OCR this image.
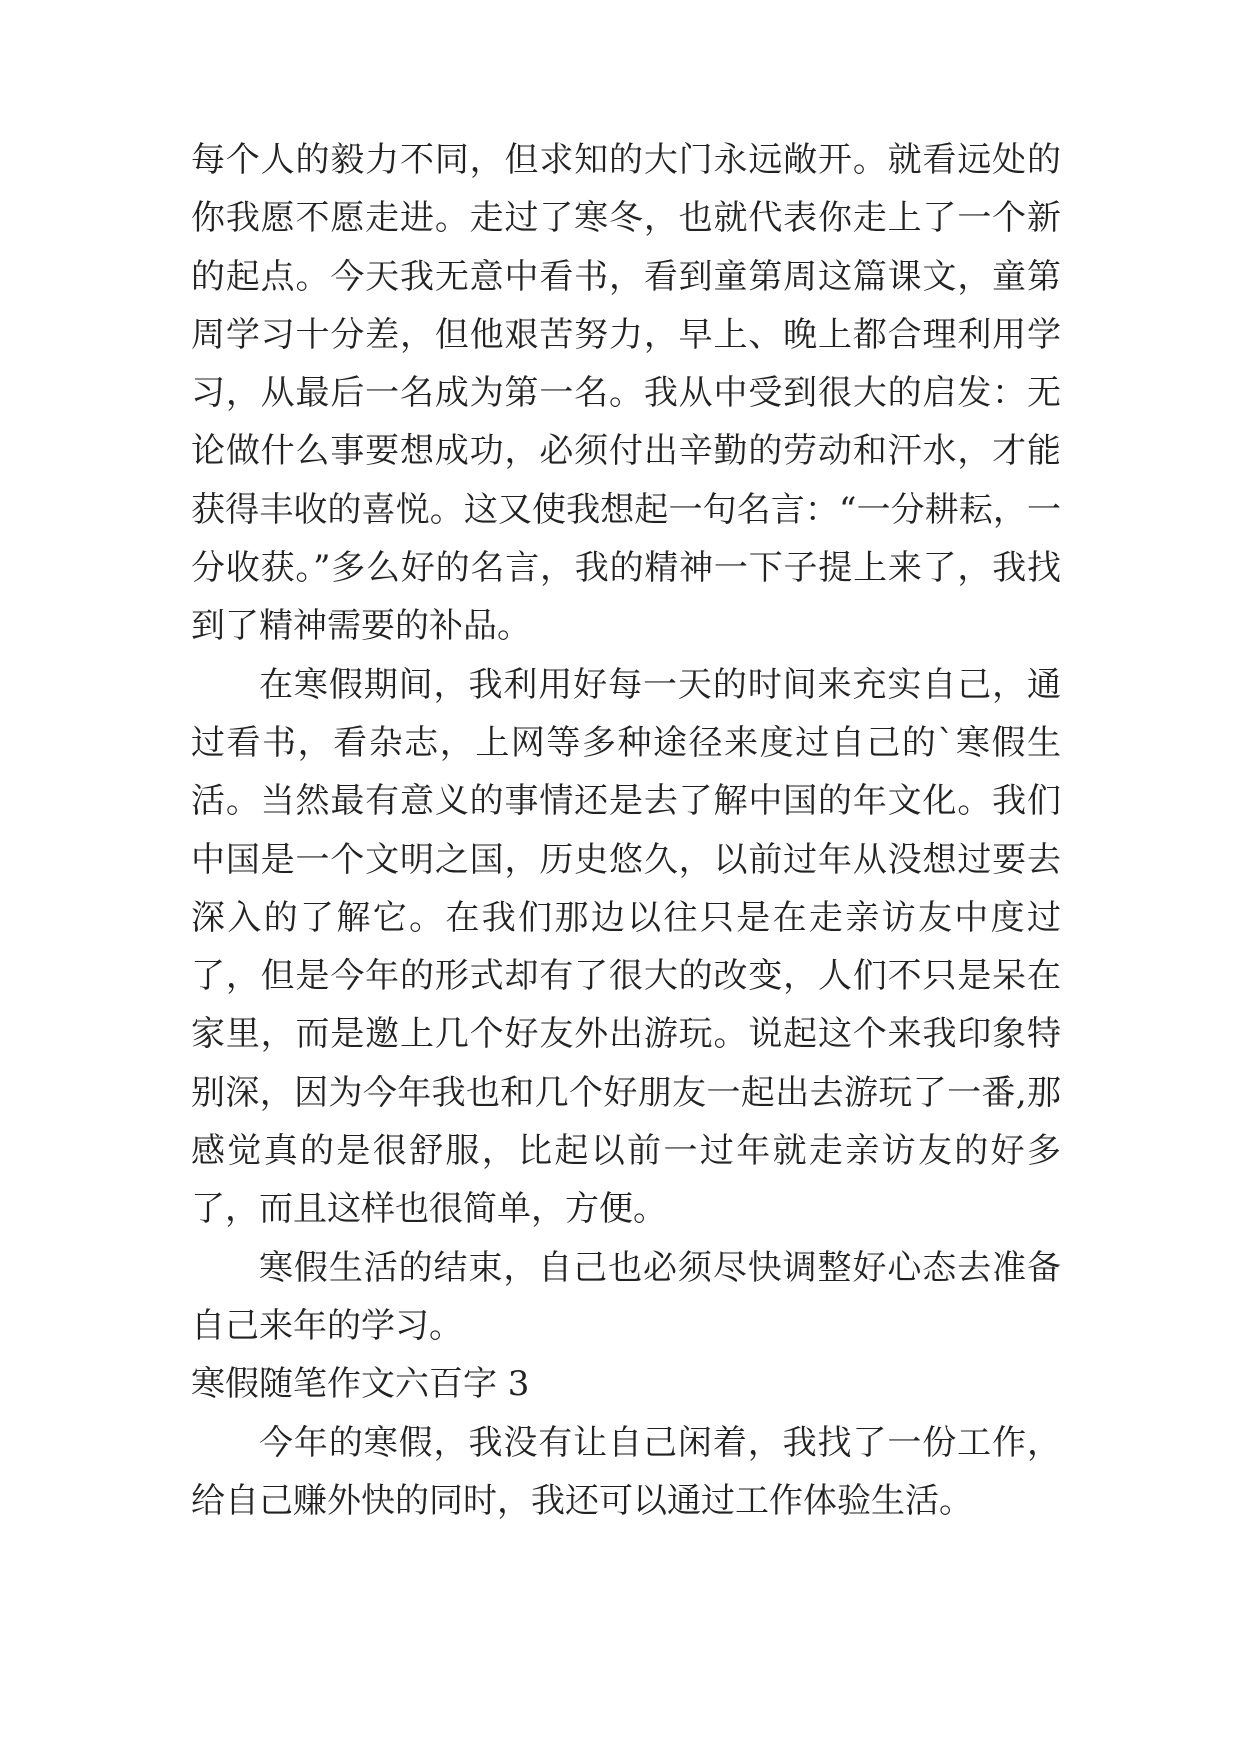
每个人的毅力不同，但求知的大门永远敞开。就看远处的你我愿不愿走进。走过了寒冬，也就代表你走上了一个新的起点。今天我无意中看书，看到童第周这篇课文，童第周学习十分差，但他艰苦努力，早上、晚上都合理利用学习，从最后一名成为第一名。我从中受到很大的启发：无论做什么事要想成功，必须付出辛勤的劳动和汗水，才能获得丰收的喜悦。这又使我想起一句名言：“一分耕耘，一分收获。”多么好的名言，我的精神一下子提上来了，我找到了精神需要的补品。

在寒假期间，我利用好每一天的时间来充实自己，通过看书，看杂志，上网等多种途径来度过自己的`寒假生活。当然最有意义的事情还是去了解中国的年文化。我们中国是一个文明之国，历史悠久，以前过年从没想过要去深入的了解它。在我们那边以往只是在走亲访友中度过了，但是今年的形式却有了很大的改变，人们不只是呆在家里，而是邀上几个好友外出游玩。说起这个来我印象特别深，因为今年我也和几个好朋友一起出去游玩了一番,那感觉真的是很舒服，比起以前一过年就走亲访友的好多了，而且这样也很简单，方便。

寒假生活的结束，自己也必须尽快调整好心态去准备自己来年的学习。

寒假随笔作文六百字 3

今年的寒假，我没有让自己闲着，我找了一份工作，给自己赚外快的同时，我还可以通过工作体验生活。
